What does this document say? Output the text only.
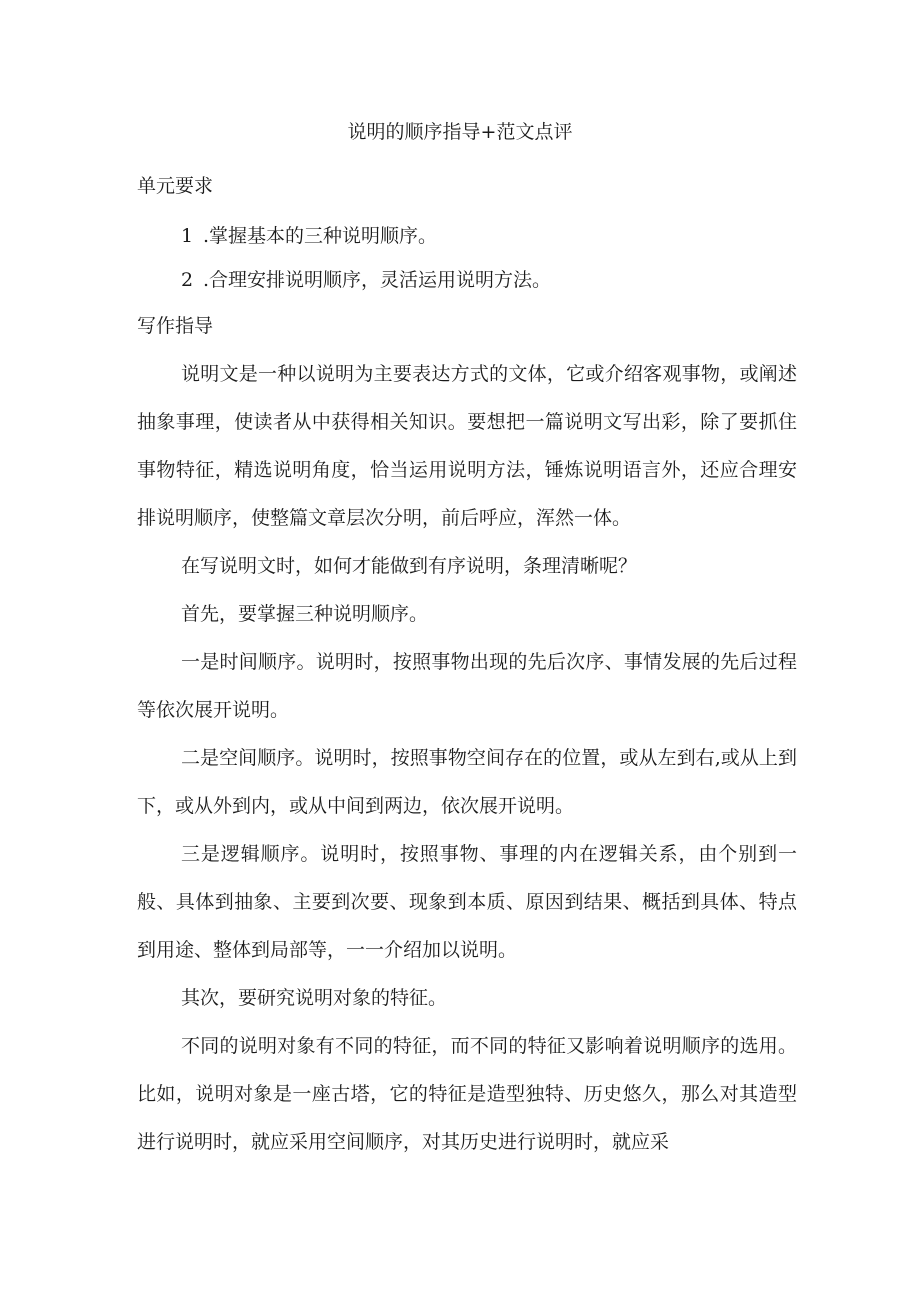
说明的顺序指导+范文点评
单元要求

1 .掌握基本的三种说明顺序。

2 .合理安排说明顺序，灵活运用说明方法。

写作指导

说明文是一种以说明为主要表达方式的文体，它或介绍客观事物，或阐述抽象事理，使读者从中获得相关知识。要想把一篇说明文写出彩，除了要抓住事物特征，精选说明角度，恰当运用说明方法，锤炼说明语言外，还应合理安排说明顺序，使整篇文章层次分明，前后呼应，浑然一体。

在写说明文时，如何才能做到有序说明，条理清晰呢？

首先，要掌握三种说明顺序。

一是时间顺序。说明时，按照事物出现的先后次序、事情发展的先后过程等依次展开说明。

二是空间顺序。说明时，按照事物空间存在的位置，或从左到右,或从上到下，或从外到内，或从中间到两边，依次展开说明。

三是逻辑顺序。说明时，按照事物、事理的内在逻辑关系，由个别到一般、具体到抽象、主要到次要、现象到本质、原因到结果、概括到具体、特点到用途、整体到局部等，一一介绍加以说明。

其次，要研究说明对象的特征。

不同的说明对象有不同的特征，而不同的特征又影响着说明顺序的选用。比如，说明对象是一座古塔，它的特征是造型独特、历史悠久，那么对其造型进行说明时，就应采用空间顺序，对其历史进行说明时，就应采
